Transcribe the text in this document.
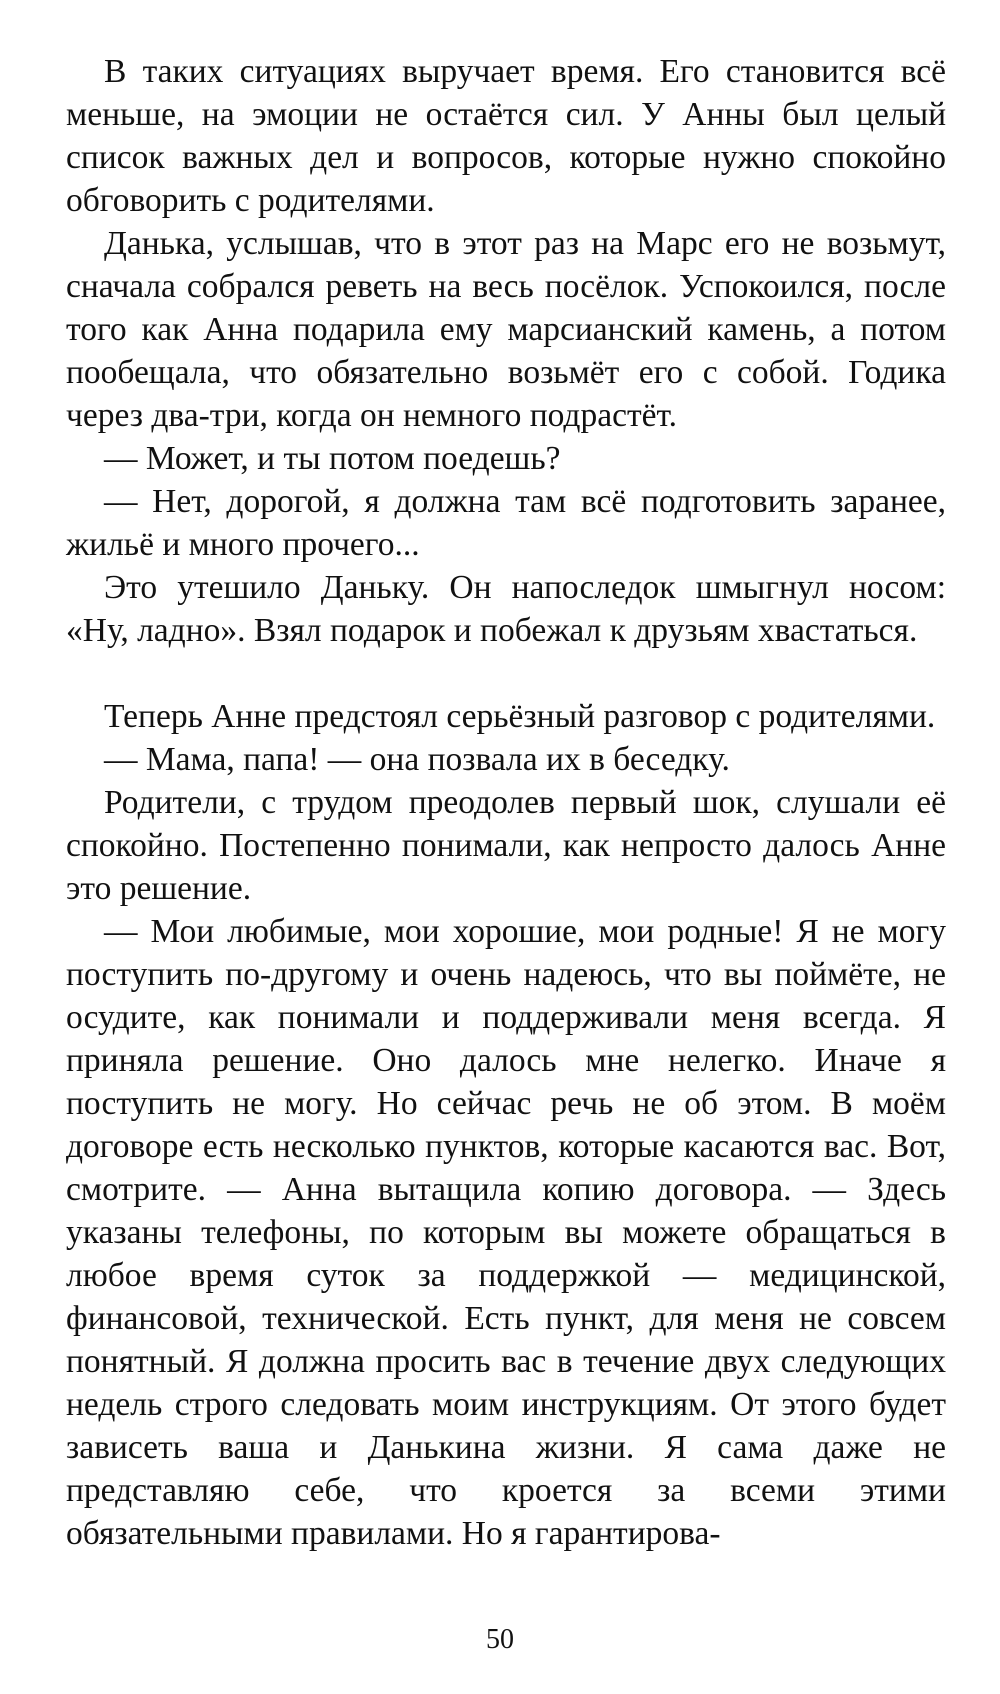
В таких ситуациях выручает время. Его становится всё меньше, на эмоции не остаётся сил. У Анны был целый список важных дел и вопросов, которые нужно спокойно обговорить с родителями.

Данька, услышав, что в этот раз на Марс его не возьмут, сначала собрался реветь на весь посёлок. Успокоился, после того как Анна подарила ему марсианский камень, а потом пообещала, что обязательно возьмёт его с собой. Годика через два-три, когда он немного подрастёт.

— Может, и ты потом поедешь?

— Нет, дорогой, я должна там всё подготовить заранее, жильё и много прочего...

Это утешило Даньку. Он напоследок шмыгнул носом: «Ну, ладно». Взял подарок и побежал к друзьям хвастаться.

Теперь Анне предстоял серьёзный разговор с родителями.

— Мама, папа! — она позвала их в беседку.

Родители, с трудом преодолев первый шок, слушали её спокойно. Постепенно понимали, как непросто далось Анне это решение.

— Мои любимые, мои хорошие, мои родные! Я не могу поступить по-другому и очень надеюсь, что вы поймёте, не осудите, как понимали и поддерживали меня всегда. Я приняла решение. Оно далось мне нелегко. Иначе я поступить не могу. Но сейчас речь не об этом. В моём договоре есть несколько пунктов, которые касаются вас. Вот, смотрите. — Анна вытащила копию договора. — Здесь указаны телефоны, по которым вы можете обращаться в любое время суток за поддержкой — медицинской, финансовой, технической. Есть пункт, для меня не совсем понятный. Я должна просить вас в течение двух следующих недель строго следовать моим инструкциям. От этого будет зависеть ваша и Данькина жизни. Я сама даже не представляю себе, что кроется за всеми этими обязательными правилами. Но я гарантирова-

50
